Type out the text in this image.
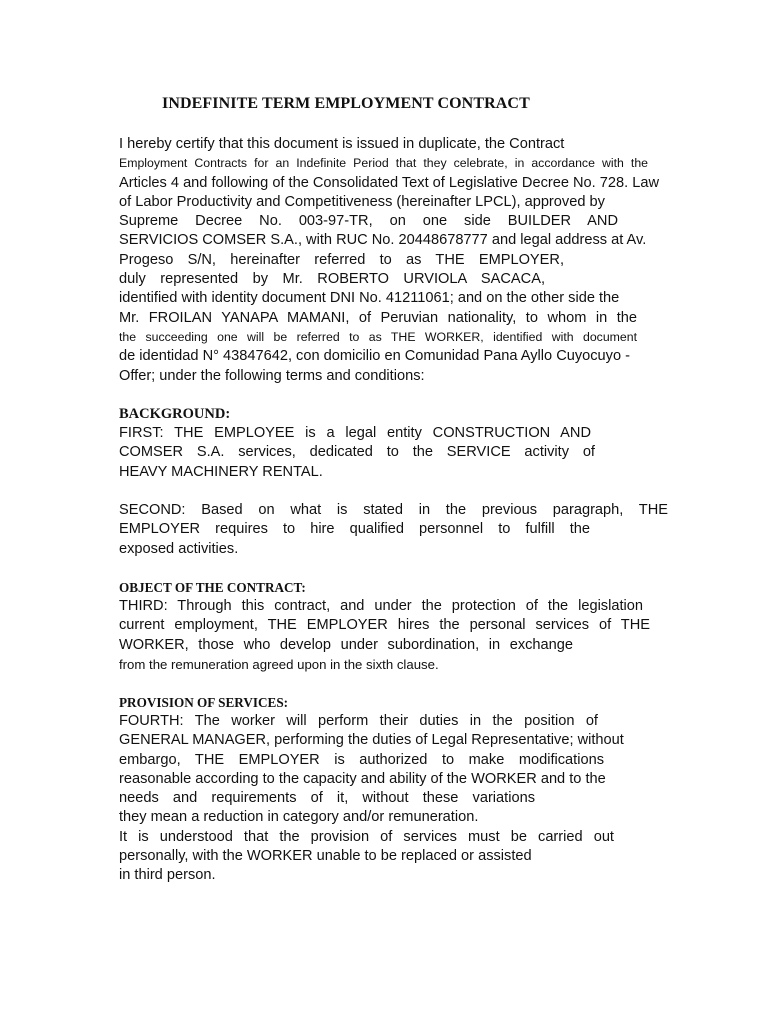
INDEFINITE TERM EMPLOYMENT CONTRACT
I hereby certify that this document is issued in duplicate, the Contract
Employment Contracts for an Indefinite Period that they celebrate, in accordance with the
Articles 4 and following of the Consolidated Text of Legislative Decree No. 728. Law
of Labor Productivity and Competitiveness (hereinafter LPCL), approved by
Supreme Decree No. 003-97-TR, on one side BUILDER AND
SERVICIOS COMSER S.A., with RUC No. 20448678777 and legal address at Av.
Progeso S/N, hereinafter referred to as THE EMPLOYER,
duly represented by Mr. ROBERTO URVIOLA SACACA,
identified with identity document DNI No. 41211061; and on the other side the
Mr. FROILAN YANAPA MAMANI, of Peruvian nationality, to whom in the
the succeeding one will be referred to as THE WORKER, identified with document
de identidad N° 43847642, con domicilio en Comunidad Pana Ayllo Cuyocuyo -
Offer; under the following terms and conditions:
BACKGROUND:
FIRST: THE EMPLOYEE is a legal entity CONSTRUCTION AND
COMSER S.A. services, dedicated to the SERVICE activity of
HEAVY MACHINERY RENTAL.
SECOND: Based on what is stated in the previous paragraph, THE
EMPLOYER requires to hire qualified personnel to fulfill the
exposed activities.
OBJECT OF THE CONTRACT:
THIRD: Through this contract, and under the protection of the legislation
current employment, THE EMPLOYER hires the personal services of THE
WORKER, those who develop under subordination, in exchange
from the remuneration agreed upon in the sixth clause.
PROVISION OF SERVICES:
FOURTH: The worker will perform their duties in the position of
GENERAL MANAGER, performing the duties of Legal Representative; without
embargo, THE EMPLOYER is authorized to make modifications
reasonable according to the capacity and ability of the WORKER and to the
needs and requirements of it, without these variations
they mean a reduction in category and/or remuneration.
It is understood that the provision of services must be carried out
personally, with the WORKER unable to be replaced or assisted
in third person.
